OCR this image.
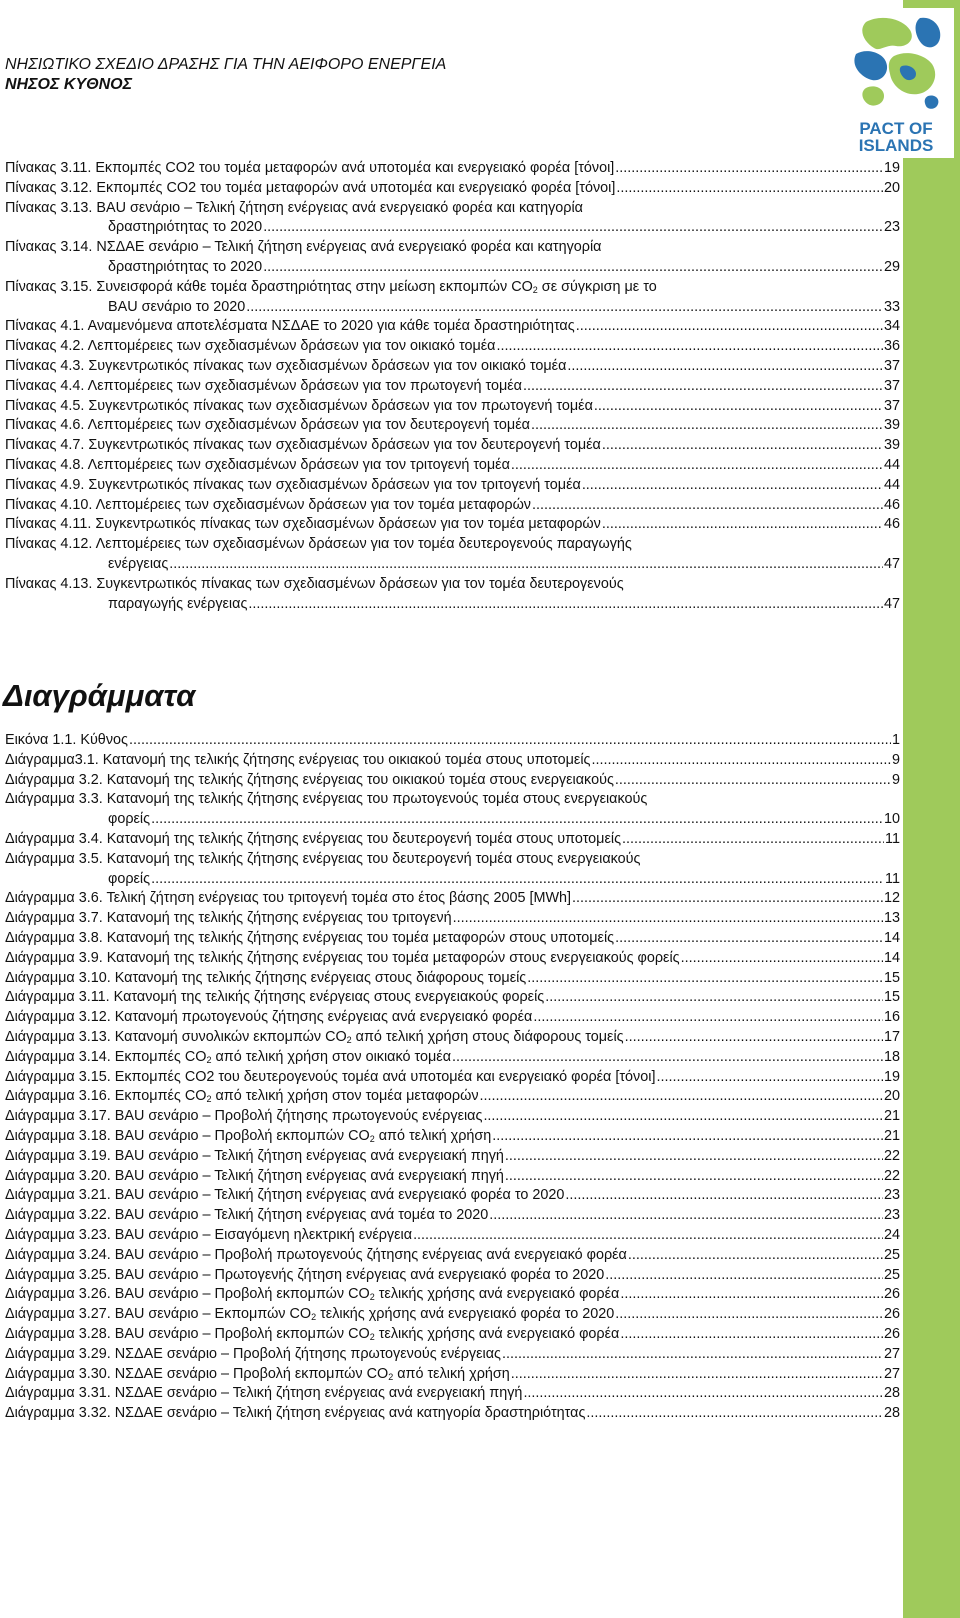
PACT OF
ISLANDS
ΝΗΣΙΩΤΙΚΟ ΣΧΕΔΙΟ ΔΡΑΣΗΣ ΓΙΑ ΤΗΝ ΑΕΙΦΟΡΟ ΕΝΕΡΓΕΙΑ
ΝΗΣΟΣ ΚΥΘΝΟΣ
Πίνακας 3.11. Εκπομπές CO2 του τομέα μεταφορών ανά υποτομέα και ενεργειακό φορέα [τόνοι] .....	19
Πίνακας 3.12. Εκπομπές CO2 του τομέα μεταφορών ανά υποτομέα και ενεργειακό φορέα [τόνοι] .....	20
Πίνακας 3.13. BAU σενάριο – Τελική ζήτηση ενέργειας ανά ενεργειακό φορέα και κατηγορία
δραστηριότητας το 2020 .....	23
Πίνακας 3.14. ΝΣΔΑΕ σενάριο – Τελική ζήτηση ενέργειας ανά ενεργειακό φορέα και κατηγορία
δραστηριότητας το 2020 .....	29
Πίνακας 3.15. Συνεισφορά κάθε τομέα δραστηριότητας στην μείωση εκπομπών $CO_2$ σε σύγκριση με το
BAU σενάριο το 2020 .....	33
Πίνακας 4.1. Αναμενόμενα αποτελέσματα ΝΣΔΑΕ το 2020 για κάθε τομέα δραστηριότητας .....	34
Πίνακας 4.2. Λεπτομέρειες των σχεδιασμένων δράσεων για τον οικιακό τομέα .....	36
Πίνακας 4.3. Συγκεντρωτικός πίνακας των σχεδιασμένων δράσεων για τον οικιακό τομέα .....	37
Πίνακας 4.4. Λεπτομέρειες των σχεδιασμένων δράσεων για τον πρωτογενή τομέα .....	37
Πίνακας 4.5. Συγκεντρωτικός πίνακας των σχεδιασμένων δράσεων για τον πρωτογενή τομέα .....	37
Πίνακας 4.6. Λεπτομέρειες των σχεδιασμένων δράσεων για τον δευτερογενή τομέα .....	39
Πίνακας 4.7. Συγκεντρωτικός πίνακας των σχεδιασμένων δράσεων για τον δευτερογενή τομέα .....	39
Πίνακας 4.8. Λεπτομέρειες των σχεδιασμένων δράσεων για τον τριτογενή τομέα .....	44
Πίνακας 4.9. Συγκεντρωτικός πίνακας των σχεδιασμένων δράσεων για τον τριτογενή τομέα .....	44
Πίνακας 4.10. Λεπτομέρειες των σχεδιασμένων δράσεων για τον τομέα μεταφορών .....	46
Πίνακας 4.11. Συγκεντρωτικός πίνακας των σχεδιασμένων δράσεων για τον τομέα μεταφορών .....	46
Πίνακας 4.12. Λεπτομέρειες των σχεδιασμένων δράσεων για τον τομέα δευτερογενούς παραγωγής
ενέργειας .....	47
Πίνακας 4.13. Συγκεντρωτικός πίνακας των σχεδιασμένων δράσεων για τον τομέα δευτερογενούς
παραγωγής ενέργειας .....	47
Διαγράμματα
Εικόνα 1.1. Κύθνος .....	1
Διάγραμμα3.1. Κατανομή της τελικής ζήτησης ενέργειας του οικιακού τομέα στους υποτομείς .....	9
Διάγραμμα 3.2. Κατανομή της τελικής ζήτησης ενέργειας του οικιακού τομέα στους ενεργειακούς .....	9
Διάγραμμα 3.3. Κατανομή της τελικής ζήτησης ενέργειας του πρωτογενούς τομέα στους ενεργειακούς
φορείς .....	10
Διάγραμμα 3.4. Κατανομή της τελικής ζήτησης ενέργειας του δευτερογενή τομέα στους υποτομείς .....	11
Διάγραμμα 3.5. Κατανομή της τελικής ζήτησης ενέργειας του δευτερογενή τομέα στους ενεργειακούς
φορείς .....	11
Διάγραμμα 3.6. Τελική ζήτηση ενέργειας του τριτογενή τομέα στο έτος βάσης 2005 [MWh] .....	12
Διάγραμμα 3.7. Κατανομή της τελικής ζήτησης ενέργειας του τριτογενή .....	13
Διάγραμμα 3.8. Κατανομή της τελικής ζήτησης ενέργειας του τομέα μεταφορών στους υποτομείς .....	14
Διάγραμμα 3.9. Κατανομή της τελικής ζήτησης ενέργειας του τομέα μεταφορών στους ενεργειακούς φορείς .....	14
Διάγραμμα 3.10. Κατανομή της τελικής ζήτησης ενέργειας στους διάφορους τομείς .....	15
Διάγραμμα 3.11. Κατανομή της τελικής ζήτησης ενέργειας στους ενεργειακούς φορείς .....	15
Διάγραμμα 3.12. Κατανομή πρωτογενούς ζήτησης ενέργειας ανά ενεργειακό φορέα .....	16
Διάγραμμα 3.13. Κατανομή συνολικών εκπομπών $CO_2$ από τελική χρήση στους διάφορους τομείς .....	17
Διάγραμμα 3.14. Εκπομπές $CO_2$ από τελική χρήση στον οικιακό τομέα .....	18
Διάγραμμα 3.15. Εκπομπές CO2 του δευτερογενούς τομέα ανά υποτομέα και ενεργειακό φορέα [τόνοι] .....	19
Διάγραμμα 3.16. Εκπομπές $CO_2$ από τελική χρήση στον τομέα μεταφορών .....	20
Διάγραμμα 3.17. BAU σενάριο – Προβολή ζήτησης πρωτογενούς ενέργειας .....	21
Διάγραμμα 3.18. BAU σενάριο – Προβολή εκπομπών $CO_2$ από τελική χρήση .....	21
Διάγραμμα 3.19. BAU σενάριο – Τελική ζήτηση ενέργειας ανά ενεργειακή πηγή .....	22
Διάγραμμα 3.20. BAU σενάριο – Τελική ζήτηση ενέργειας ανά ενεργειακή πηγή .....	22
Διάγραμμα 3.21. BAU σενάριο – Τελική ζήτηση ενέργειας ανά ενεργειακό φορέα το 2020 .....	23
Διάγραμμα 3.22. BAU σενάριο – Τελική ζήτηση ενέργειας ανά τομέα το 2020 .....	23
Διάγραμμα 3.23. BAU σενάριο – Εισαγόμενη ηλεκτρική ενέργεια .....	24
Διάγραμμα 3.24. BAU σενάριο – Προβολή πρωτογενούς ζήτησης ενέργειας ανά ενεργειακό φορέα .....	25
Διάγραμμα 3.25. BAU σενάριο – Πρωτογενής ζήτηση ενέργειας ανά ενεργειακό φορέα το 2020 .....	25
Διάγραμμα 3.26. BAU σενάριο – Προβολή εκπομπών $CO_2$ τελικής χρήσης ανά ενεργειακό φορέα .....	26
Διάγραμμα 3.27. BAU σενάριο – Εκπομπών $CO_2$ τελικής χρήσης ανά ενεργειακό φορέα το 2020 .....	26
Διάγραμμα 3.28. BAU σενάριο – Προβολή εκπομπών $CO_2$ τελικής χρήσης ανά ενεργειακό φορέα .....	26
Διάγραμμα 3.29. ΝΣΔΑΕ σενάριο – Προβολή ζήτησης πρωτογενούς ενέργειας .....	27
Διάγραμμα 3.30. ΝΣΔΑΕ σενάριο – Προβολή εκπομπών $CO_2$ από τελική χρήση .....	27
Διάγραμμα 3.31. ΝΣΔΑΕ σενάριο – Τελική ζήτηση ενέργειας ανά ενεργειακή πηγή .....	28
Διάγραμμα 3.32. ΝΣΔΑΕ σενάριο – Τελική ζήτηση ενέργειας ανά κατηγορία δραστηριότητας .....	28
